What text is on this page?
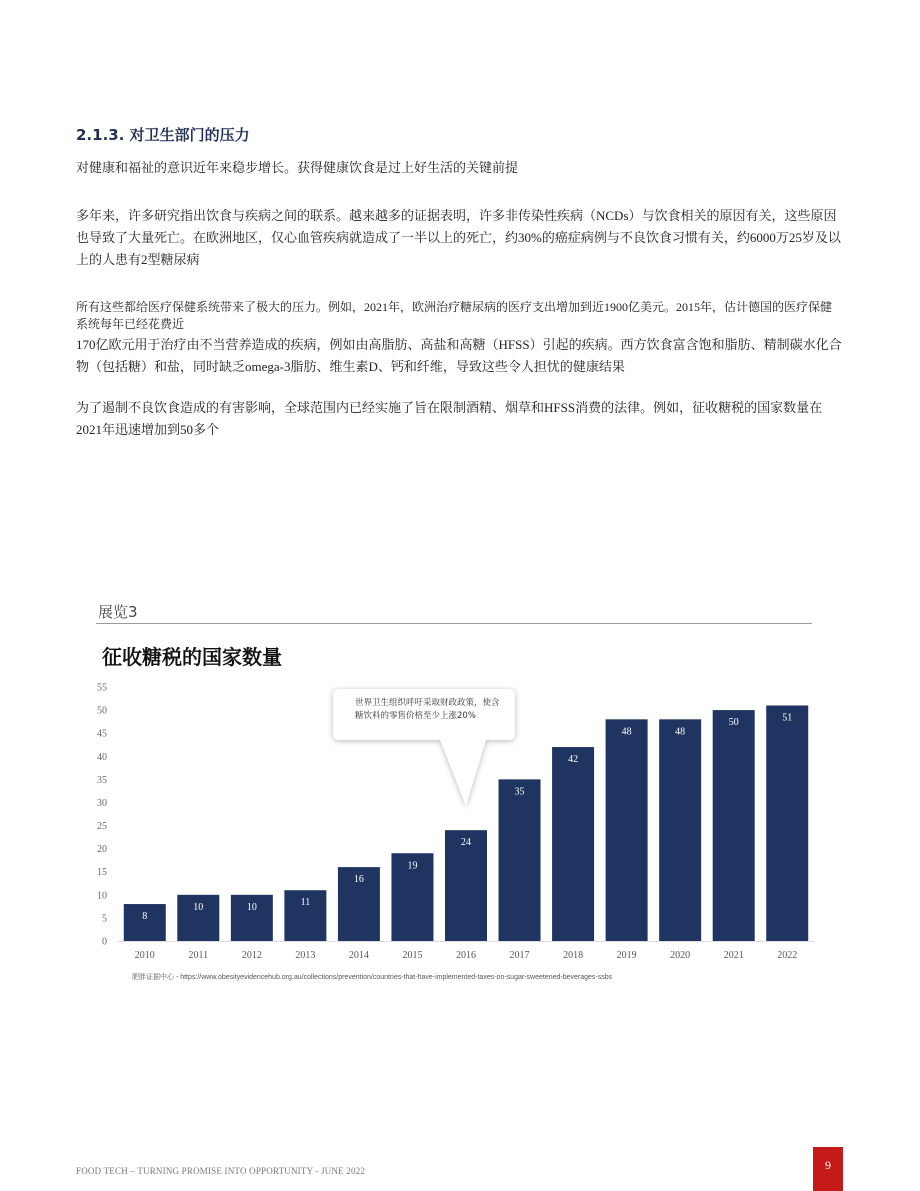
2.1.3. 对卫生部门的压力
对健康和福祉的意识近年来稳步增长。获得健康饮食是过上好生活的关键前提
多年来，许多研究指出饮食与疾病之间的联系。越来越多的证据表明，许多非传染性疾病（NCDs）与饮食相关的原因有关，这些原因也导致了大量死亡。在欧洲地区，仅心血管疾病就造成了一半以上的死亡，约30%的癌症病例与不良饮食习惯有关，约6000万25岁及以上的人患有2型糖尿病
所有这些都给医疗保健系统带来了极大的压力。例如，2021年，欧洲治疗糖尿病的医疗支出增加到近1900亿美元。2015年，估计德国的医疗保健系统每年已经花费近
170亿欧元用于治疗由不当营养造成的疾病，例如由高脂肪、高盐和高糖（HFSS）引起的疾病。西方饮食富含饱和脂肪、精制碳水化合物（包括糖）和盐，同时缺乏omega-3脂肪、维生素D、钙和纤维，导致这些令人担忧的健康结果
为了遏制不良饮食造成的有害影响，全球范围内已经实施了旨在限制酒精、烟草和HFSS消费的法律。例如，征收糖税的国家数量在2021年迅速增加到50多个
展览3
征收糖税的国家数量
0
5
10
15
20
25
30
35
40
45
50
55
8
10	10	11
16
19
24
35
42
48	48
50	51
2010	2011	2012	2013	2014	2015	2016	2017	2018	2019	2020	2021	2022
世界卫生组织呼吁采取财政政策，使含
糖饮料的零售价格至少上涨20%
肥胖证据中心 - https://www.obesityevidencehub.org.au/collections/prevention/countries-that-have-implemented-taxes-on-sugar-sweetened-beverages-ssbs
FOOD TECH – TURNING PROMISE INTO OPPORTUNITY - JUNE 2022	9
